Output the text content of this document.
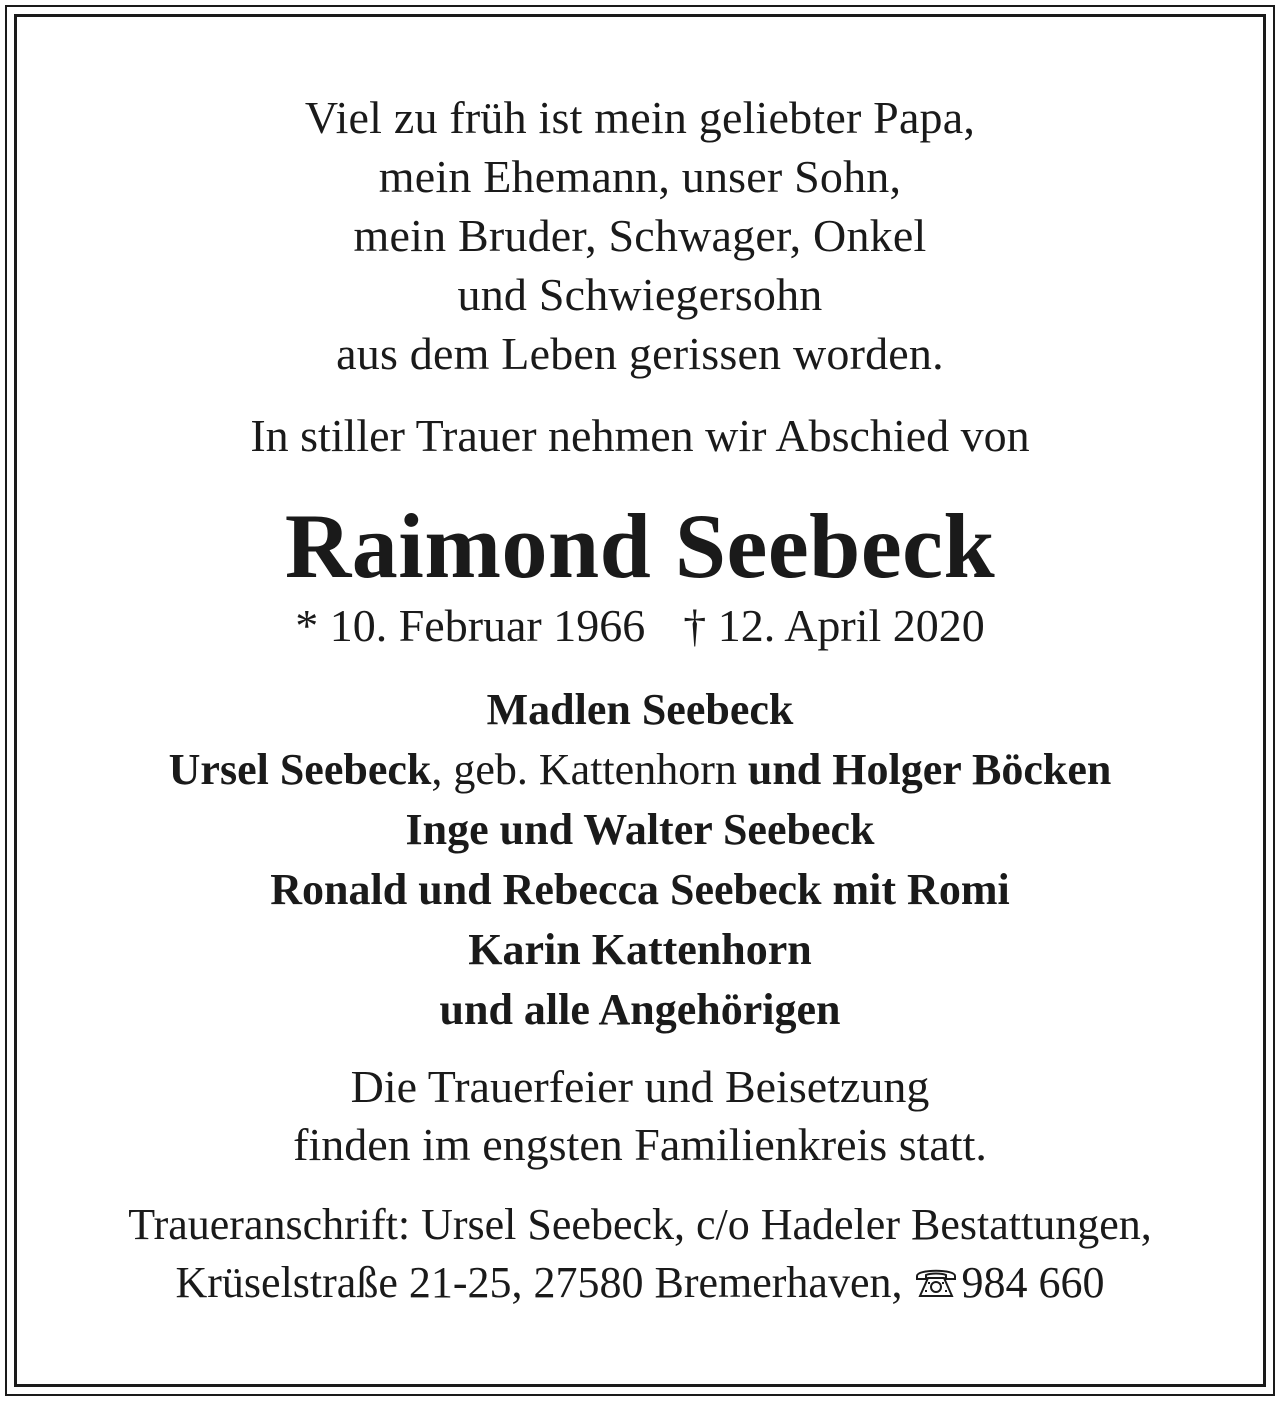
Viel zu früh ist mein geliebter Papa,
mein Ehemann, unser Sohn,
mein Bruder, Schwager, Onkel
und Schwiegersohn
aus dem Leben gerissen worden.
In stiller Trauer nehmen wir Abschied von
Raimond Seebeck
* 10. Februar 1966 † 12. April 2020
Madlen Seebeck
Ursel Seebeck, geb. Kattenhorn und Holger Böcken
Inge und Walter Seebeck
Ronald und Rebecca Seebeck mit Romi
Karin Kattenhorn
und alle Angehörigen
Die Trauerfeier und Beisetzung
finden im engsten Familienkreis statt.
Traueranschrift: Ursel Seebeck, c/o Hadeler Bestattungen,
Krüselstraße 21-25, 27580 Bremerhaven, 984 660
